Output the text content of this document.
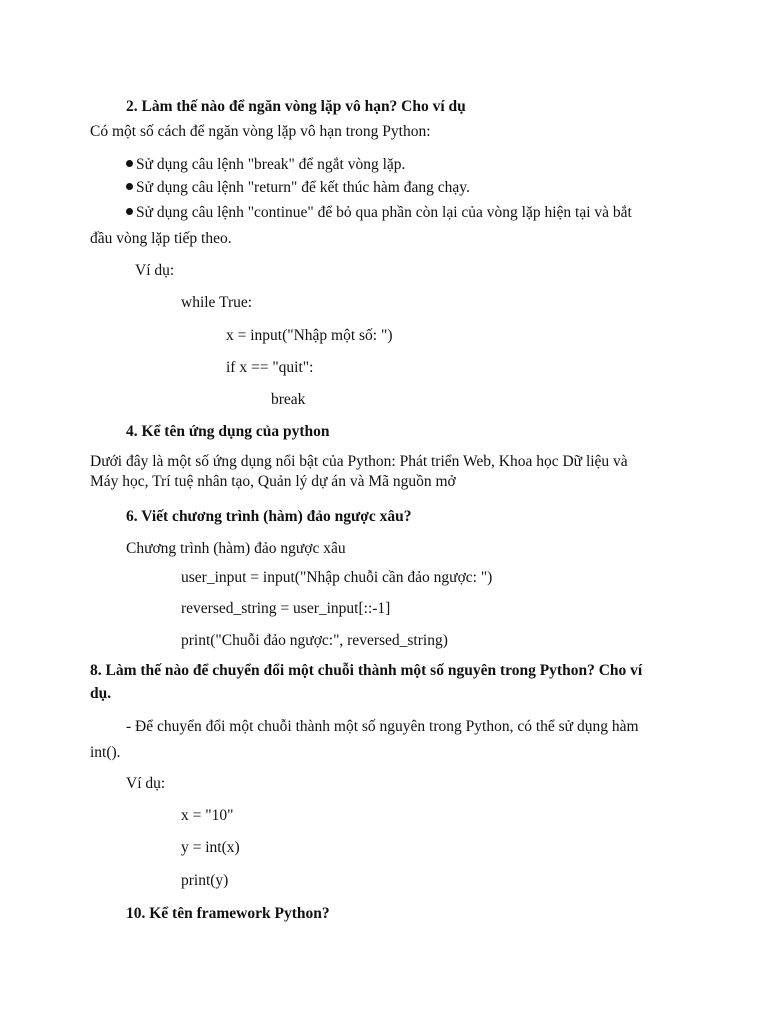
2. Làm thế nào để ngăn vòng lặp vô hạn? Cho ví dụ
Có một số cách để ngăn vòng lặp vô hạn trong Python:
Sử dụng câu lệnh "break" để ngắt vòng lặp.
Sử dụng câu lệnh "return" để kết thúc hàm đang chạy.
Sử dụng câu lệnh "continue" để bỏ qua phần còn lại của vòng lặp hiện tại và bắt
đầu vòng lặp tiếp theo.
Ví dụ:
while True:
x = input("Nhập một số: ")
if x == "quit":
break
4. Kể tên ứng dụng của python
Dưới đây là một số ứng dụng nổi bật của Python: Phát triển Web, Khoa học Dữ liệu và
Máy học, Trí tuệ nhân tạo, Quản lý dự án và Mã nguồn mở
6. Viết chương trình (hàm) đảo ngược xâu?
Chương trình (hàm) đảo ngược xâu
user_input = input("Nhập chuỗi cần đảo ngược: ")
reversed_string = user_input[::-1]
print("Chuỗi đảo ngược:", reversed_string)
8. Làm thế nào để chuyển đổi một chuỗi thành một số nguyên trong Python? Cho ví
dụ.
- Để chuyển đổi một chuỗi thành một số nguyên trong Python, có thể sử dụng hàm
int().
Ví dụ:
x = "10"
y = int(x)
print(y)
10. Kể tên framework Python?
